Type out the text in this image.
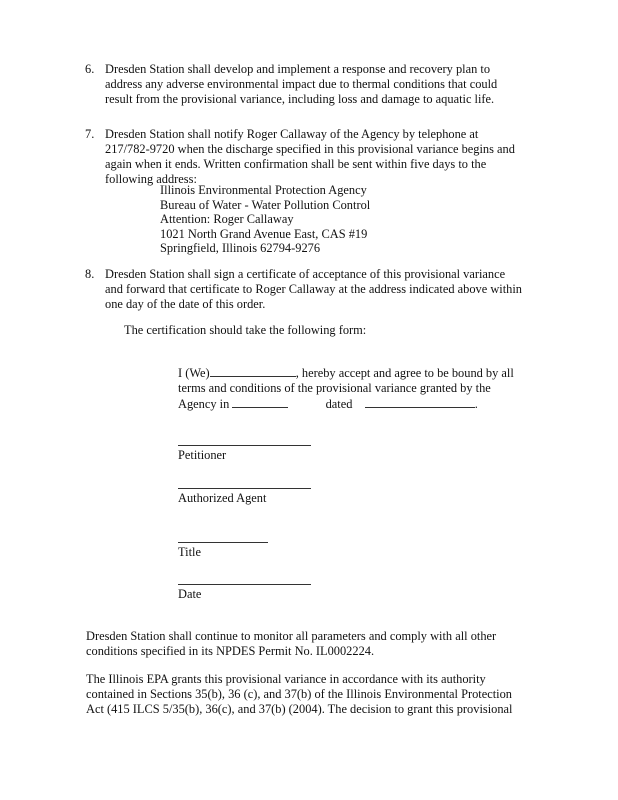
6. Dresden Station shall develop and implement a response and recovery plan to address any adverse environmental impact due to thermal conditions that could result from the provisional variance, including loss and damage to aquatic life.
7. Dresden Station shall notify Roger Callaway of the Agency by telephone at 217/782-9720 when the discharge specified in this provisional variance begins and again when it ends. Written confirmation shall be sent within five days to the following address:
Illinois Environmental Protection Agency
Bureau of Water - Water Pollution Control
Attention: Roger Callaway
1021 North Grand Avenue East, CAS #19
Springfield, Illinois 62794-9276
8. Dresden Station shall sign a certificate of acceptance of this provisional variance and forward that certificate to Roger Callaway at the address indicated above within one day of the date of this order.
The certification should take the following form:
I (We)	, hereby accept and agree to be bound by all terms and conditions of the provisional variance granted by the Agency in	dated	.
Petitioner
Authorized Agent
Title
Date
Dresden Station shall continue to monitor all parameters and comply with all other conditions specified in its NPDES Permit No. IL0002224.
The Illinois EPA grants this provisional variance in accordance with its authority contained in Sections 35(b), 36 (c), and 37(b) of the Illinois Environmental Protection Act (415 ILCS 5/35(b), 36(c), and 37(b) (2004). The decision to grant this provisional
